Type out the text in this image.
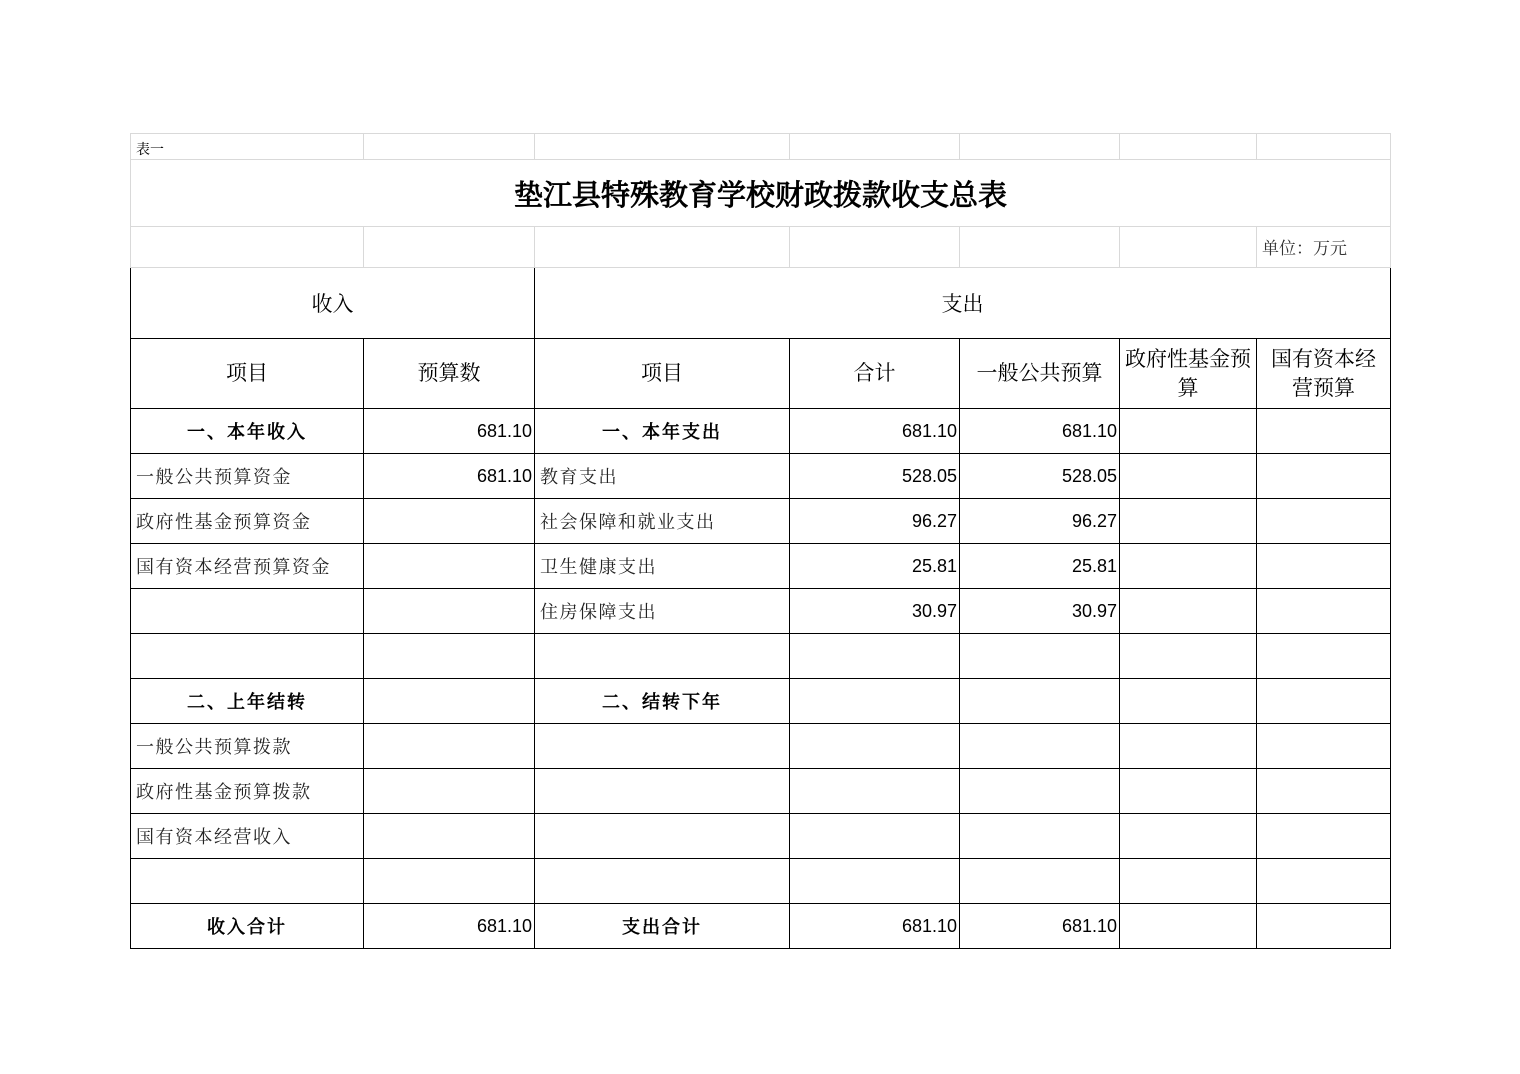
表一						
垫江县特殊教育学校财政拨款收支总表						
						单位：万元
收入		支出				
项目	预算数	项目	合计	一般公共预算	政府性基金预算	国有资本经营预算
一、本年收入	681.10	一、本年支出	681.10	681.10		
一般公共预算资金	681.10	教育支出	528.05	528.05		
政府性基金预算资金		社会保障和就业支出	96.27	96.27		
国有资本经营预算资金		卫生健康支出	25.81	25.81		
		住房保障支出	30.97	30.97		

二、上年结转		二、结转下年				
一般公共预算拨款						
政府性基金预算拨款						
国有资本经营收入						

收入合计	681.10	支出合计	681.10	681.10		
